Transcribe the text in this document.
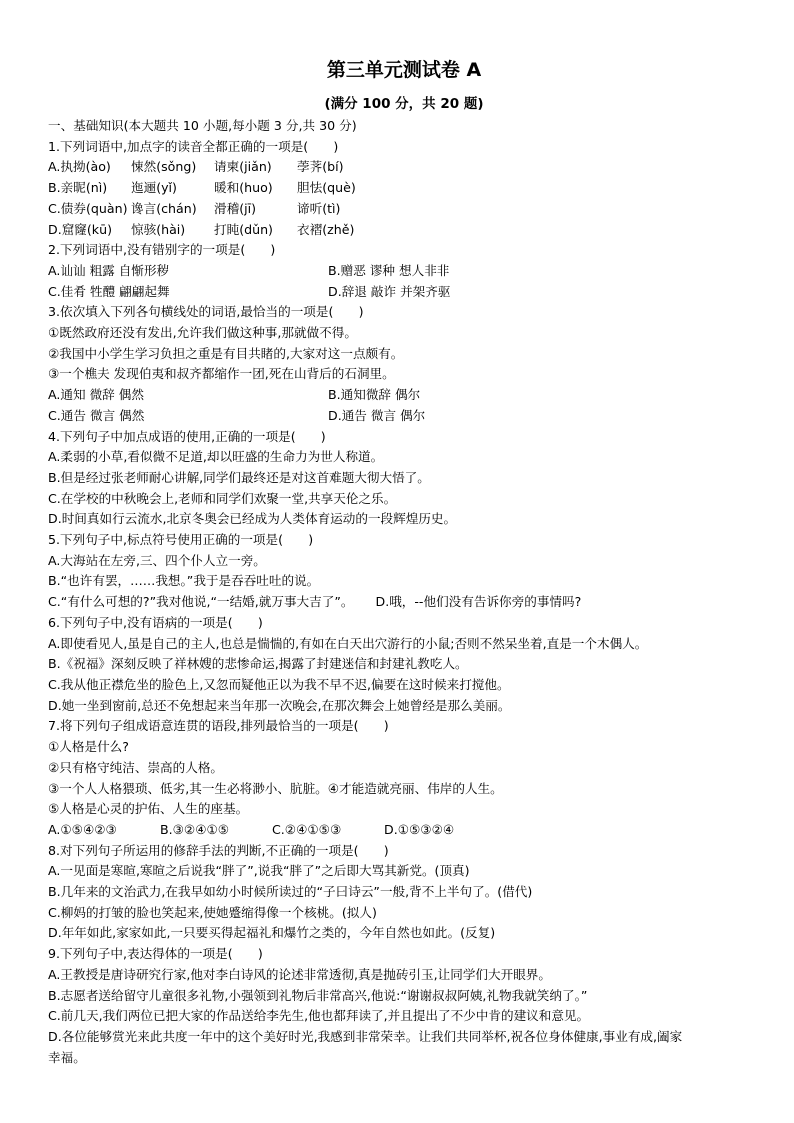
第三单元测试卷 A
(满分 100 分，共 20 题)
一、基础知识(本大题共 10 小题,每小题 3 分,共 30 分)
1.下列词语中,加点字的读音全都正确的一项是(　　)
A.执拗(ào) 悚然(sǒng) 请柬(jiǎn) 荸荠(bí)
B.亲昵(nì) 迤逦(yǐ)	暖和(huo) 胆怯(què)
C.债券(quàn) 谗言(chán) 滑稽(jī)	谛听(tì)
D.窟窿(kū) 惊骇(hài) 打盹(dǔn) 衣褶(zhě)
2.下列词语中,没有错别字的一项是(　　)
A.讪讪 粗露 自惭形秽	B.赠恶 谬种 想人非非
C.佳肴 牲醴 翩翩起舞	D.辞退 敲诈 并架齐驱
3.依次填入下列各句横线处的词语,最恰当的一项是(　　)
①既然政府还没有发出,允许我们做这种事,那就做不得。
②我国中小学生学习负担之重是有目共睹的,大家对这一点颇有。
③一个樵夫 发现伯夷和叔齐都缩作一团,死在山背后的石洞里。
A.通知 微辞 偶然	B.通知微辞 偶尔
C.通告 微言 偶然	D.通告 微言 偶尔
4.下列句子中加点成语的使用,正确的一项是(　　)
A.柔弱的小草,看似微不足道,却以旺盛的生命力为世人称道。
B.但是经过张老师耐心讲解,同学们最终还是对这首难题大彻大悟了。
C.在学校的中秋晚会上,老师和同学们欢聚一堂,共享天伦之乐。
D.时间真如行云流水,北京冬奥会已经成为人类体育运动的一段辉煌历史。
5.下列句子中,标点符号使用正确的一项是(　　)
A.大海站在左旁,三、四个仆人立一旁。
B.“也许有罢，……我想。”我于是吞吞吐吐的说。
C.“有什么可想的?”我对他说,“一结婚,就万事大吉了”。 D.哦，--他们没有告诉你旁的事情吗?
6.下列句子中,没有语病的一项是(　　)
A.即使看见人,虽是自己的主人,也总是惴惴的,有如在白天出穴游行的小鼠;否则不然呆坐着,直是一个木偶人。
B.《祝福》深刻反映了祥林嫂的悲惨命运,揭露了封建迷信和封建礼教吃人。
C.我从他正襟危坐的脸色上,又忽而疑他正以为我不早不迟,偏要在这时候来打搅他。
D.她一坐到窗前,总还不免想起来当年那一次晚会,在那次舞会上她曾经是那么美丽。
7.将下列句子组成语意连贯的语段,排列最恰当的一项是(　　)
①人格是什么?
②只有格守纯洁、崇高的人格。
③一个人人格猥琐、低劣,其一生必将渺小、肮脏。④才能造就亮丽、伟岸的人生。
⑤人格是心灵的护佑、人生的座基。
A.①⑤④②③	B.③②④①⑤	C.②④①⑤③	D.①⑤③②④
8.对下列句子所运用的修辞手法的判断,不正确的一项是(　　)
A.一见面是寒暄,寒暄之后说我“胖了”,说我“胖了”之后即大骂其新党。(顶真)
B.几年来的文治武力,在我早如幼小时候所读过的“子曰诗云”一般,背不上半句了。(借代)
C.柳妈的打皱的脸也笑起来,使她蹙缩得像一个核桃。(拟人)
D.年年如此,家家如此,一只要买得起福礼和爆竹之类的，今年自然也如此。(反复)
9.下列句子中,表达得体的一项是(　　)
A.王教授是唐诗研究行家,他对李白诗风的论述非常透彻,真是抛砖引玉,让同学们大开眼界。
B.志愿者送给留守儿童很多礼物,小强领到礼物后非常高兴,他说:“谢谢叔叔阿姨,礼物我就笑纳了。”
C.前几天,我们两位已把大家的作品送给李先生,他也都拜读了,并且提出了不少中肯的建议和意见。
D.各位能够赏光来此共度一年中的这个美好时光,我感到非常荣幸。让我们共同举杯,祝各位身体健康,事业有成,阖家
幸福。
